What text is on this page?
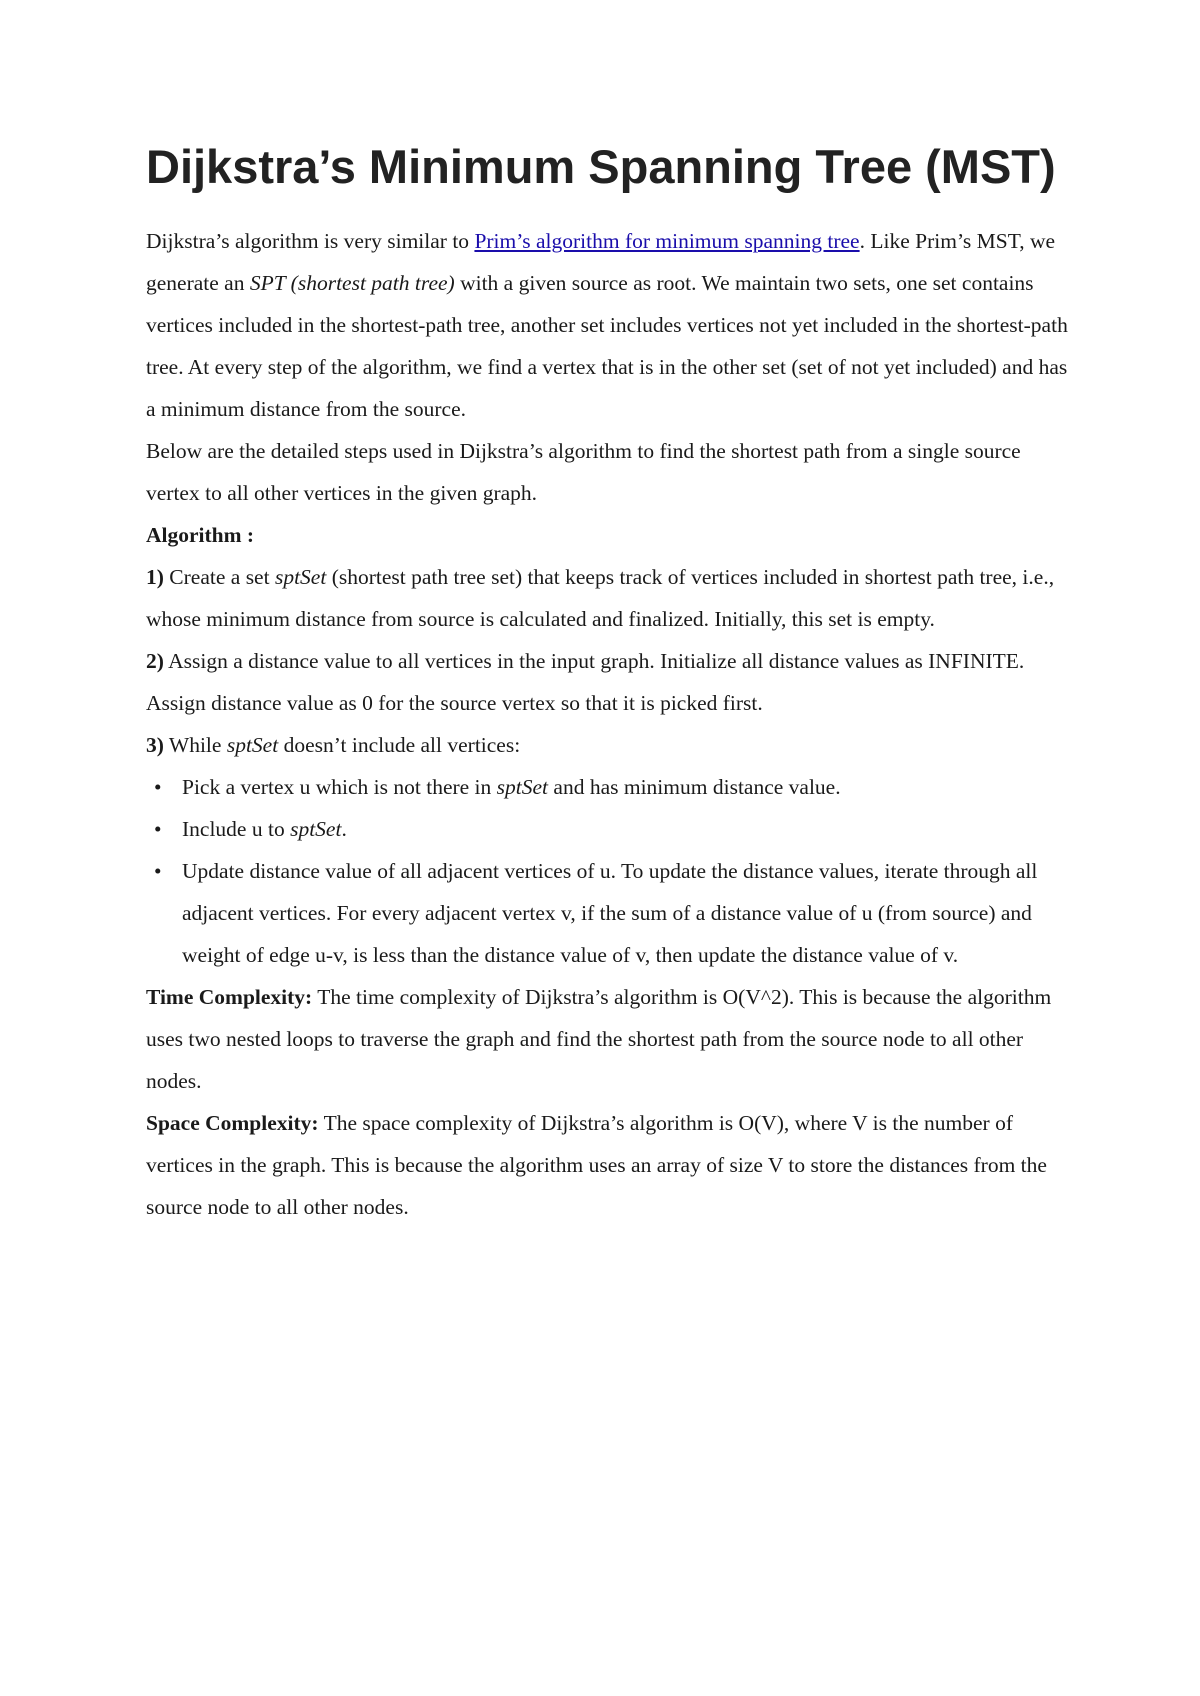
Dijkstra’s Minimum Spanning Tree (MST)

Dijkstra’s algorithm is very similar to Prim’s algorithm for minimum spanning tree. Like Prim’s MST, we generate an SPT (shortest path tree) with a given source as root. We maintain two sets, one set contains vertices included in the shortest-path tree, another set includes vertices not yet included in the shortest-path tree. At every step of the algorithm, we find a vertex that is in the other set (set of not yet included) and has a minimum distance from the source.

Below are the detailed steps used in Dijkstra’s algorithm to find the shortest path from a single source vertex to all other vertices in the given graph.

Algorithm :

1) Create a set sptSet (shortest path tree set) that keeps track of vertices included in shortest path tree, i.e., whose minimum distance from source is calculated and finalized. Initially, this set is empty.

2) Assign a distance value to all vertices in the input graph. Initialize all distance values as INFINITE. Assign distance value as 0 for the source vertex so that it is picked first.

3) While sptSet doesn’t include all vertices:

• Pick a vertex u which is not there in sptSet and has minimum distance value.
• Include u to sptSet.
• Update distance value of all adjacent vertices of u. To update the distance values, iterate through all adjacent vertices. For every adjacent vertex v, if the sum of a distance value of u (from source) and weight of edge u-v, is less than the distance value of v, then update the distance value of v.

Time Complexity: The time complexity of Dijkstra’s algorithm is O(V^2). This is because the algorithm uses two nested loops to traverse the graph and find the shortest path from the source node to all other nodes.

Space Complexity: The space complexity of Dijkstra’s algorithm is O(V), where V is the number of vertices in the graph. This is because the algorithm uses an array of size V to store the distances from the source node to all other nodes.
